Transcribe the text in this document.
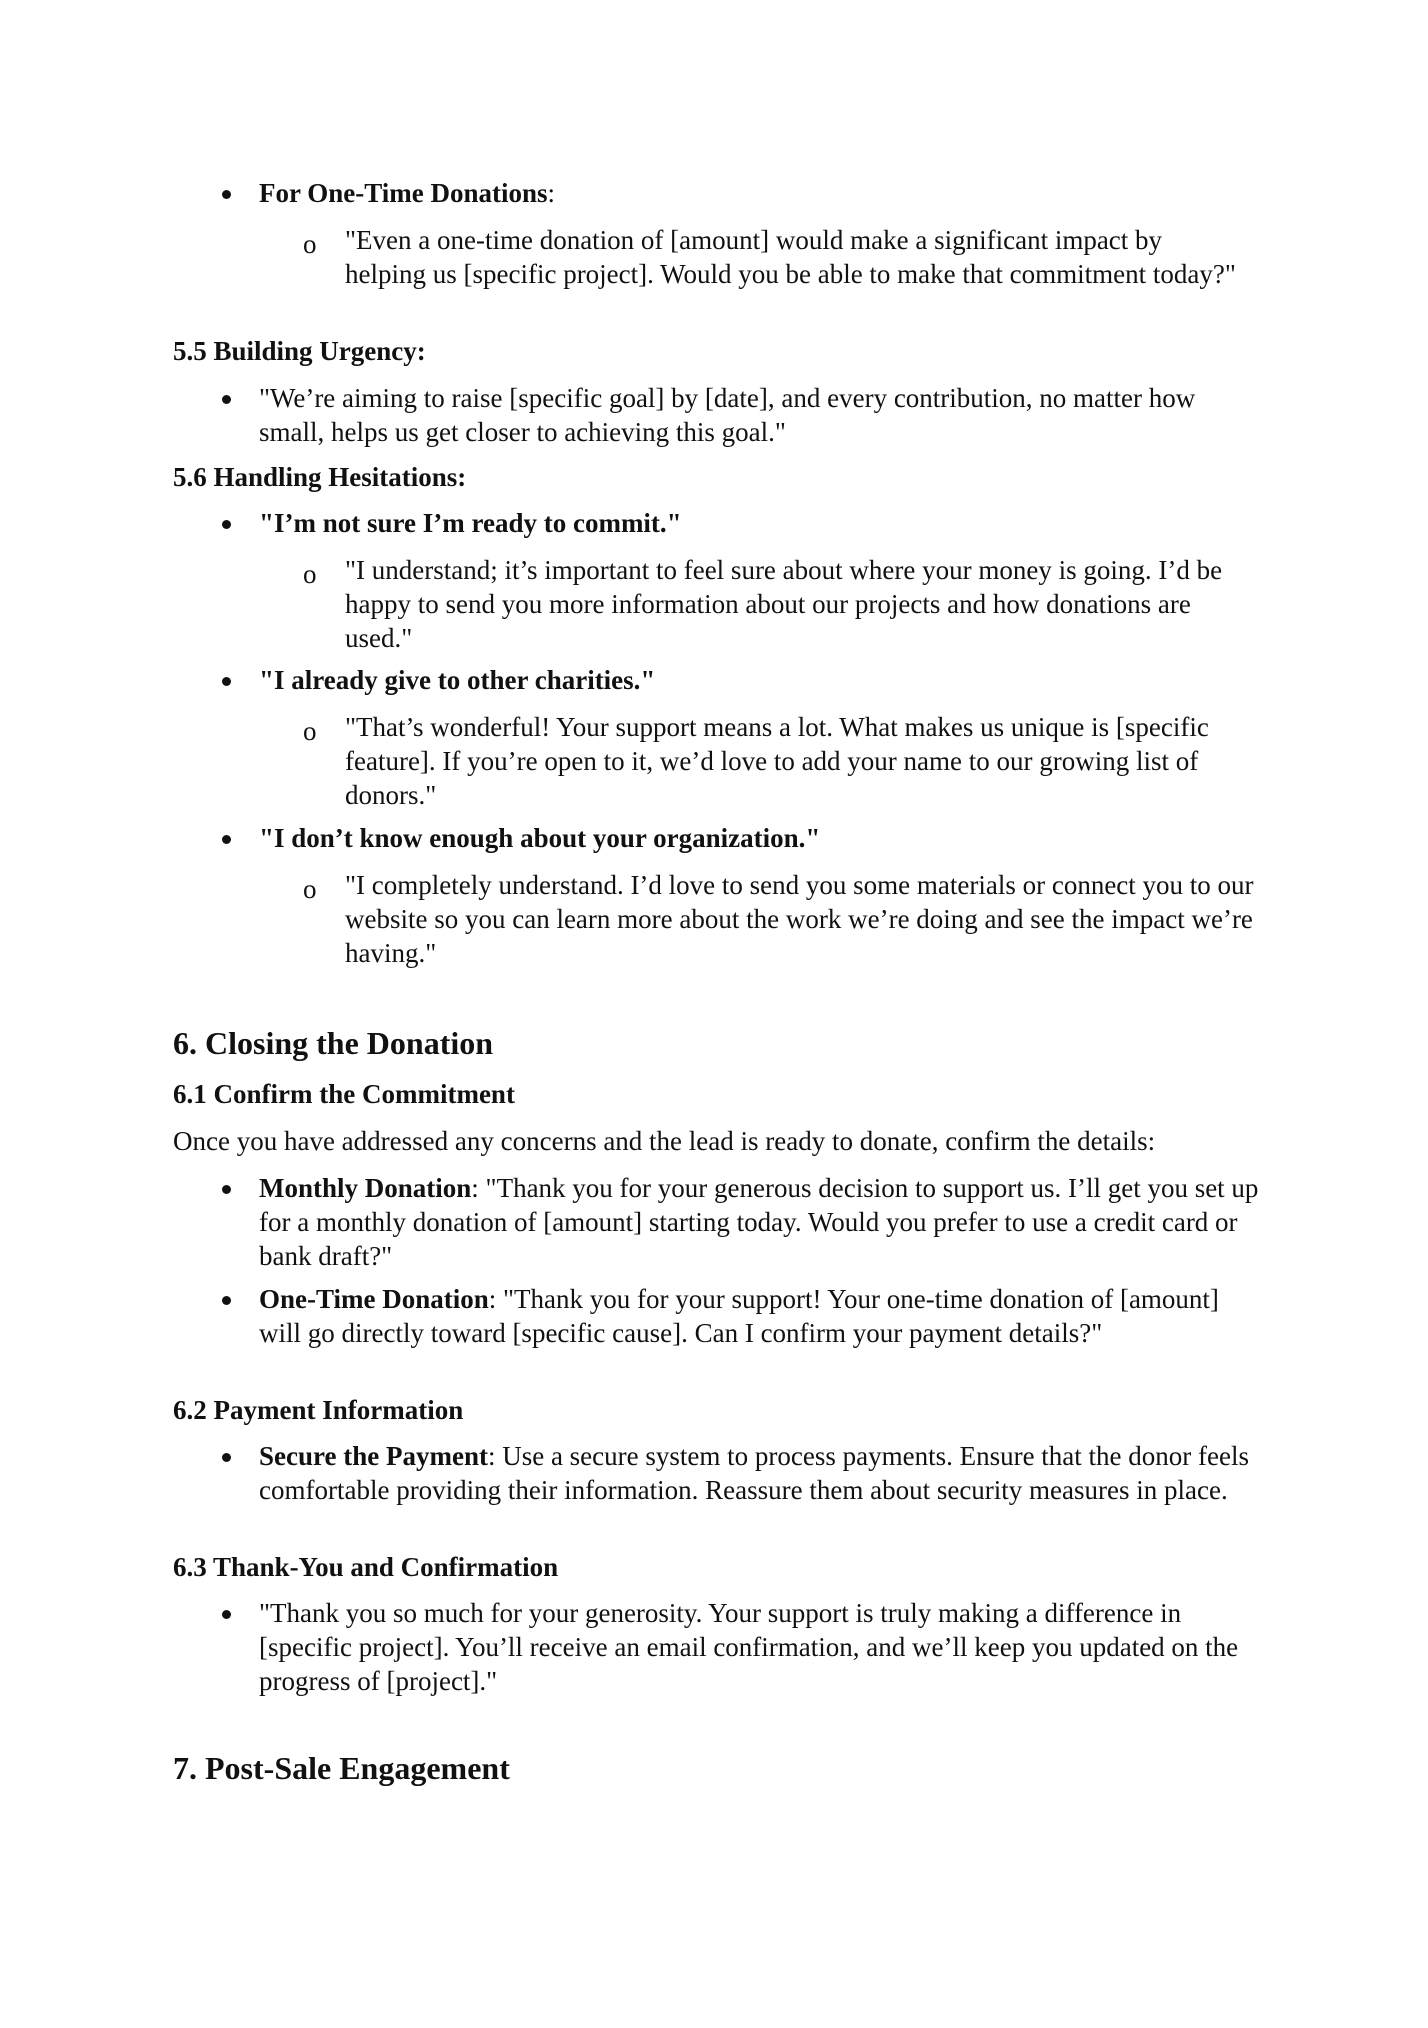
For One-Time Donations:

o "Even a one-time donation of [amount] would make a significant impact by helping us [specific project]. Would you be able to make that commitment today?"

5.5 Building Urgency:

"We’re aiming to raise [specific goal] by [date], and every contribution, no matter how small, helps us get closer to achieving this goal."

5.6 Handling Hesitations:

"I’m not sure I’m ready to commit."

o "I understand; it’s important to feel sure about where your money is going. I’d be happy to send you more information about our projects and how donations are used."

"I already give to other charities."

o "That’s wonderful! Your support means a lot. What makes us unique is [specific feature]. If you’re open to it, we’d love to add your name to our growing list of donors."

"I don’t know enough about your organization."

o "I completely understand. I’d love to send you some materials or connect you to our website so you can learn more about the work we’re doing and see the impact we’re having."

6. Closing the Donation

6.1 Confirm the Commitment

Once you have addressed any concerns and the lead is ready to donate, confirm the details:

Monthly Donation: "Thank you for your generous decision to support us. I’ll get you set up for a monthly donation of [amount] starting today. Would you prefer to use a credit card or bank draft?"

One-Time Donation: "Thank you for your support! Your one-time donation of [amount] will go directly toward [specific cause]. Can I confirm your payment details?"

6.2 Payment Information

Secure the Payment: Use a secure system to process payments. Ensure that the donor feels comfortable providing their information. Reassure them about security measures in place.

6.3 Thank-You and Confirmation

"Thank you so much for your generosity. Your support is truly making a difference in [specific project]. You’ll receive an email confirmation, and we’ll keep you updated on the progress of [project]."

7. Post-Sale Engagement
